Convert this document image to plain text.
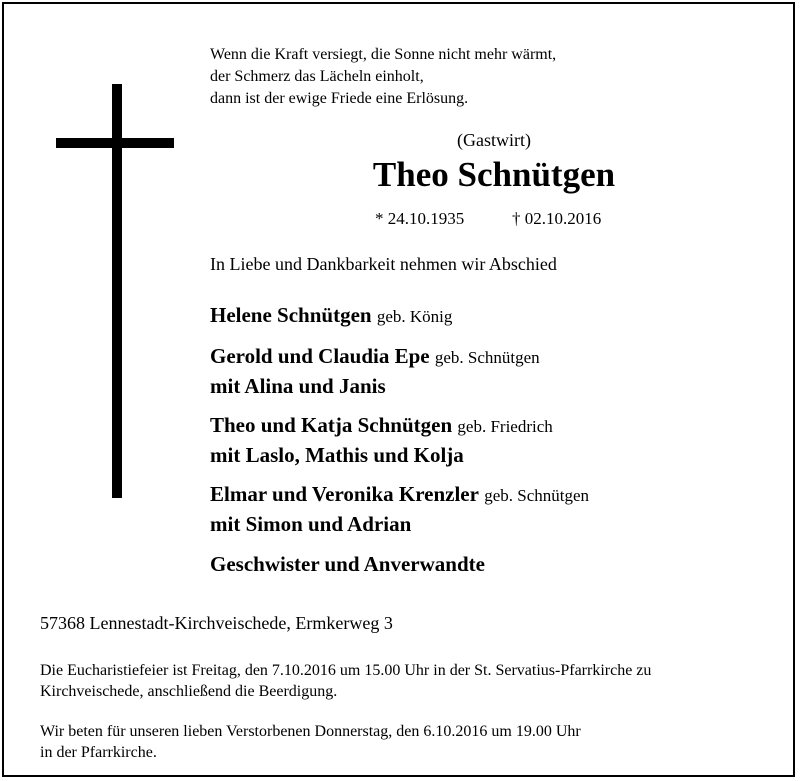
Wenn die Kraft versiegt, die Sonne nicht mehr wärmt,
der Schmerz das Lächeln einholt,
dann ist der ewige Friede eine Erlösung.
(Gastwirt)
Theo Schnütgen
* 24.10.1935	† 02.10.2016
In Liebe und Dankbarkeit nehmen wir Abschied
Helene Schnütgen geb. König
Gerold und Claudia Epe geb. Schnütgen
mit Alina und Janis
Theo und Katja Schnütgen geb. Friedrich
mit Laslo, Mathis und Kolja
Elmar und Veronika Krenzler geb. Schnütgen
mit Simon und Adrian
Geschwister und Anverwandte
57368 Lennestadt-Kirchveischede, Ermkerweg 3
Die Eucharistiefeier ist Freitag, den 7.10.2016 um 15.00 Uhr in der St. Servatius-Pfarrkirche zu
Kirchveischede, anschließend die Beerdigung.
Wir beten für unseren lieben Verstorbenen Donnerstag, den 6.10.2016 um 19.00 Uhr
in der Pfarrkirche.
